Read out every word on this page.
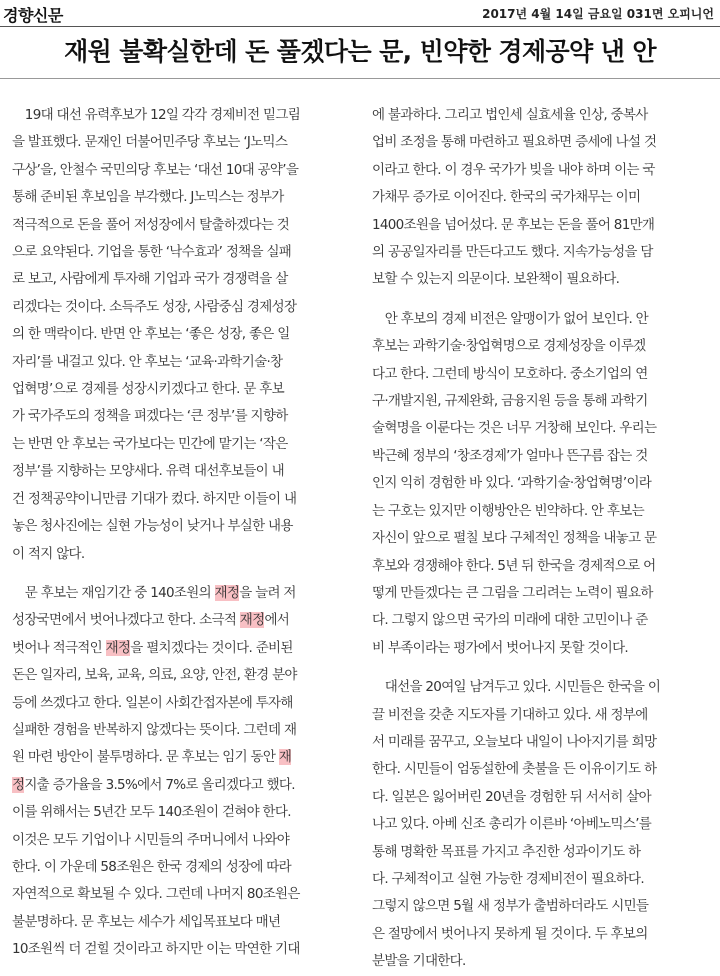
경향신문	2017년 4월 14일 금요일 031면 오피니언
재원 불확실한데 돈 풀겠다는 문, 빈약한 경제공약 낸 안

　19대 대선 유력후보가 12일 각각 경제비전 밑그림

을 발표했다. 문재인 더불어민주당 후보는 ‘J노믹스

구상’을, 안철수 국민의당 후보는 ‘대선 10대 공약’을

통해 준비된 후보임을 부각했다. J노믹스는 정부가

적극적으로 돈을 풀어 저성장에서 탈출하겠다는 것

으로 요약된다. 기업을 통한 ‘낙수효과’ 정책을 실패

로 보고, 사람에게 투자해 기업과 국가 경쟁력을 살

리겠다는 것이다. 소득주도 성장, 사람중심 경제성장

의 한 맥락이다. 반면 안 후보는 ‘좋은 성장, 좋은 일

자리’를 내걸고 있다. 안 후보는 ‘교육·과학기술·창

업혁명’으로 경제를 성장시키겠다고 한다. 문 후보

가 국가주도의 정책을 펴겠다는 ‘큰 정부’를 지향하

는 반면 안 후보는 국가보다는 민간에 맡기는 ‘작은

정부’를 지향하는 모양새다. 유력 대선후보들이 내

건 정책공약이니만큼 기대가 컸다. 하지만 이들이 내

놓은 청사진에는 실현 가능성이 낮거나 부실한 내용

이 적지 않다.

　문 후보는 재임기간 중 140조원의 재정을 늘려 저

성장국면에서 벗어나겠다고 한다. 소극적 재정에서

벗어나 적극적인 재정을 펼치겠다는 것이다. 준비된

돈은 일자리, 보육, 교육, 의료, 요양, 안전, 환경 분야

등에 쓰겠다고 한다. 일본이 사회간접자본에 투자해

실패한 경험을 반복하지 않겠다는 뜻이다. 그런데 재

원 마련 방안이 불투명하다. 문 후보는 임기 동안 재

정지출 증가율을 3.5%에서 7%로 올리겠다고 했다.

이를 위해서는 5년간 모두 140조원이 걷혀야 한다.

이것은 모두 기업이나 시민들의 주머니에서 나와야

한다. 이 가운데 58조원은 한국 경제의 성장에 따라

자연적으로 확보될 수 있다. 그런데 나머지 80조원은

불분명하다. 문 후보는 세수가 세입목표보다 매년

10조원씩 더 걷힐 것이라고 하지만 이는 막연한 기대

에 불과하다. 그리고 법인세 실효세율 인상, 중복사

업비 조정을 통해 마련하고 필요하면 증세에 나설 것

이라고 한다. 이 경우 국가가 빚을 내야 하며 이는 국

가채무 증가로 이어진다. 한국의 국가채무는 이미

1400조원을 넘어섰다. 문 후보는 돈을 풀어 81만개

의 공공일자리를 만든다고도 했다. 지속가능성을 담

보할 수 있는지 의문이다. 보완책이 필요하다.

　안 후보의 경제 비전은 알맹이가 없어 보인다. 안

후보는 과학기술·창업혁명으로 경제성장을 이루겠

다고 한다. 그런데 방식이 모호하다. 중소기업의 연

구·개발지원, 규제완화, 금융지원 등을 통해 과학기

술혁명을 이룬다는 것은 너무 거창해 보인다. 우리는

박근혜 정부의 ‘창조경제’가 얼마나 뜬구름 잡는 것

인지 익히 경험한 바 있다. ‘과학기술·창업혁명’이라

는 구호는 있지만 이행방안은 빈약하다. 안 후보는

자신이 앞으로 펼칠 보다 구체적인 정책을 내놓고 문

후보와 경쟁해야 한다. 5년 뒤 한국을 경제적으로 어

떻게 만들겠다는 큰 그림을 그리려는 노력이 필요하

다. 그렇지 않으면 국가의 미래에 대한 고민이나 준

비 부족이라는 평가에서 벗어나지 못할 것이다.

　대선을 20여일 남겨두고 있다. 시민들은 한국을 이

끌 비전을 갖춘 지도자를 기대하고 있다. 새 정부에

서 미래를 꿈꾸고, 오늘보다 내일이 나아지기를 희망

한다. 시민들이 엄동설한에 촛불을 든 이유이기도 하

다. 일본은 잃어버린 20년을 경험한 뒤 서서히 살아

나고 있다. 아베 신조 총리가 이른바 ‘아베노믹스’를

통해 명확한 목표를 가지고 추진한 성과이기도 하

다. 구체적이고 실현 가능한 경제비전이 필요하다.

그렇지 않으면 5월 새 정부가 출범하더라도 시민들

은 절망에서 벗어나지 못하게 될 것이다. 두 후보의

분발을 기대한다.
